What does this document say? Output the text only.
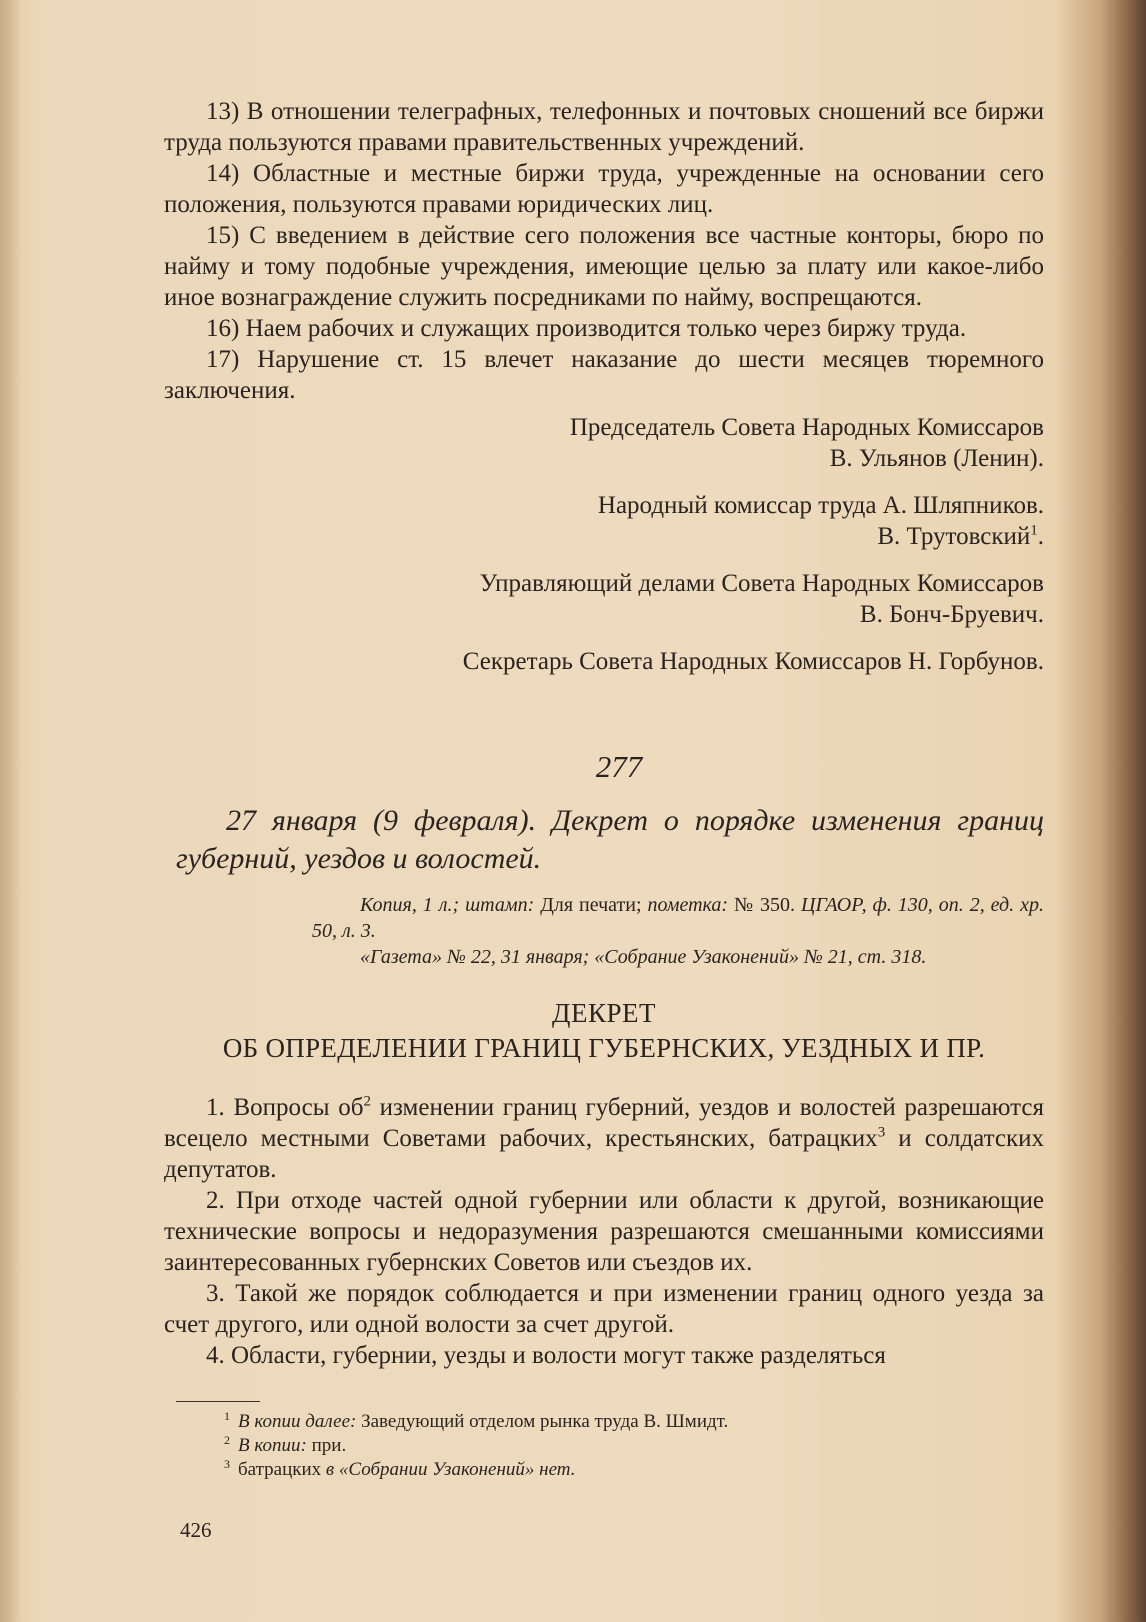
13) В отношении телеграфных, телефонных и почтовых сношений все биржи труда пользуются правами правительственных учреждений.

14) Областные и местные биржи труда, учрежденные на основании сего положения, пользуются правами юридических лиц.

15) С введением в действие сего положения все частные конторы, бюро по найму и тому подобные учреждения, имеющие целью за плату или какое-либо иное вознаграждение служить посредниками по найму, воспрещаются.

16) Наем рабочих и служащих производится только через биржу труда.

17) Нарушение ст. 15 влечет наказание до шести месяцев тюремного заключения.

Председатель Совета Народных Комиссаров

В. Ульянов (Ленин).

Народный комиссар труда А. Шляпников.

В. Трутовский$^1$.

Управляющий делами Совета Народных Комиссаров

В. Бонч-Бруевич.

Секретарь Совета Народных Комиссаров Н. Горбунов.

277

27 января (9 февраля). Декрет о порядке изменения границ губерний, уездов и волостей.

Копия, 1 л.; штамп: Для печати; пометка: № 350. ЦГАОР, ф. 130, оп. 2, ед. хр. 50, л. 3.

«Газета» № 22, 31 января; «Собрание Узаконений» № 21, ст. 318.

ДЕКРЕТ
ОБ ОПРЕДЕЛЕНИИ ГРАНИЦ ГУБЕРНСКИХ, УЕЗДНЫХ И ПР.

1. Вопросы $об^2$ изменении границ губерний, уездов и волостей разрешаются всецело местными Советами рабочих, крестьянских, батрацких$^3$ и солдатских депутатов.

2. При отходе частей одной губернии или области к другой, возникающие технические вопросы и недоразумения разрешаются смешанными комиссиями заинтересованных губернских Советов или съездов их.

3. Такой же порядок соблюдается и при изменении границ одного уезда за счет другого, или одной волости за счет другой.

4. Области, губернии, уезды и волости могут также разделяться

$^1$ В копии далее: Заведующий отделом рынка труда В. Шмидт.

$^2$ В копии: при.

$^3$ батрацких в «Собрании Узаконений» нет.

426
